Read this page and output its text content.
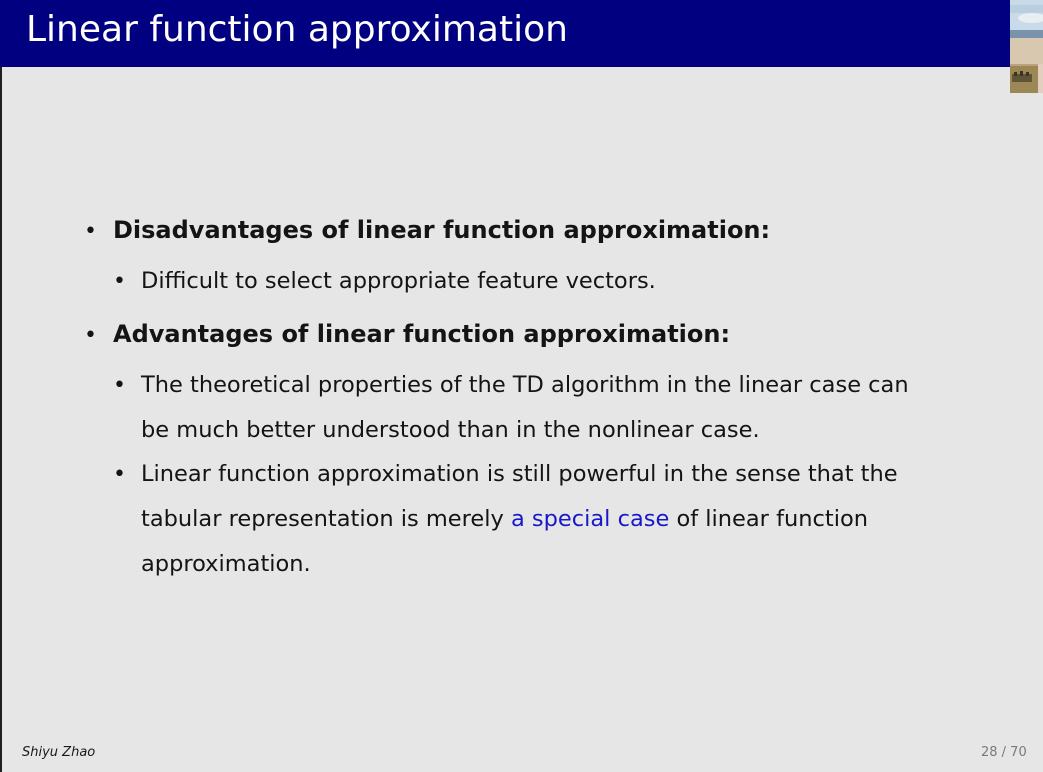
Linear function approximation
• Disadvantages of linear function approximation:
• Difficult to select appropriate feature vectors.
• Advantages of linear function approximation:
• The theoretical properties of the TD algorithm in the linear case can
be much better understood than in the nonlinear case.
• Linear function approximation is still powerful in the sense that the
tabular representation is merely a special case of linear function
approximation.
Shiyu Zhao	28 / 70
